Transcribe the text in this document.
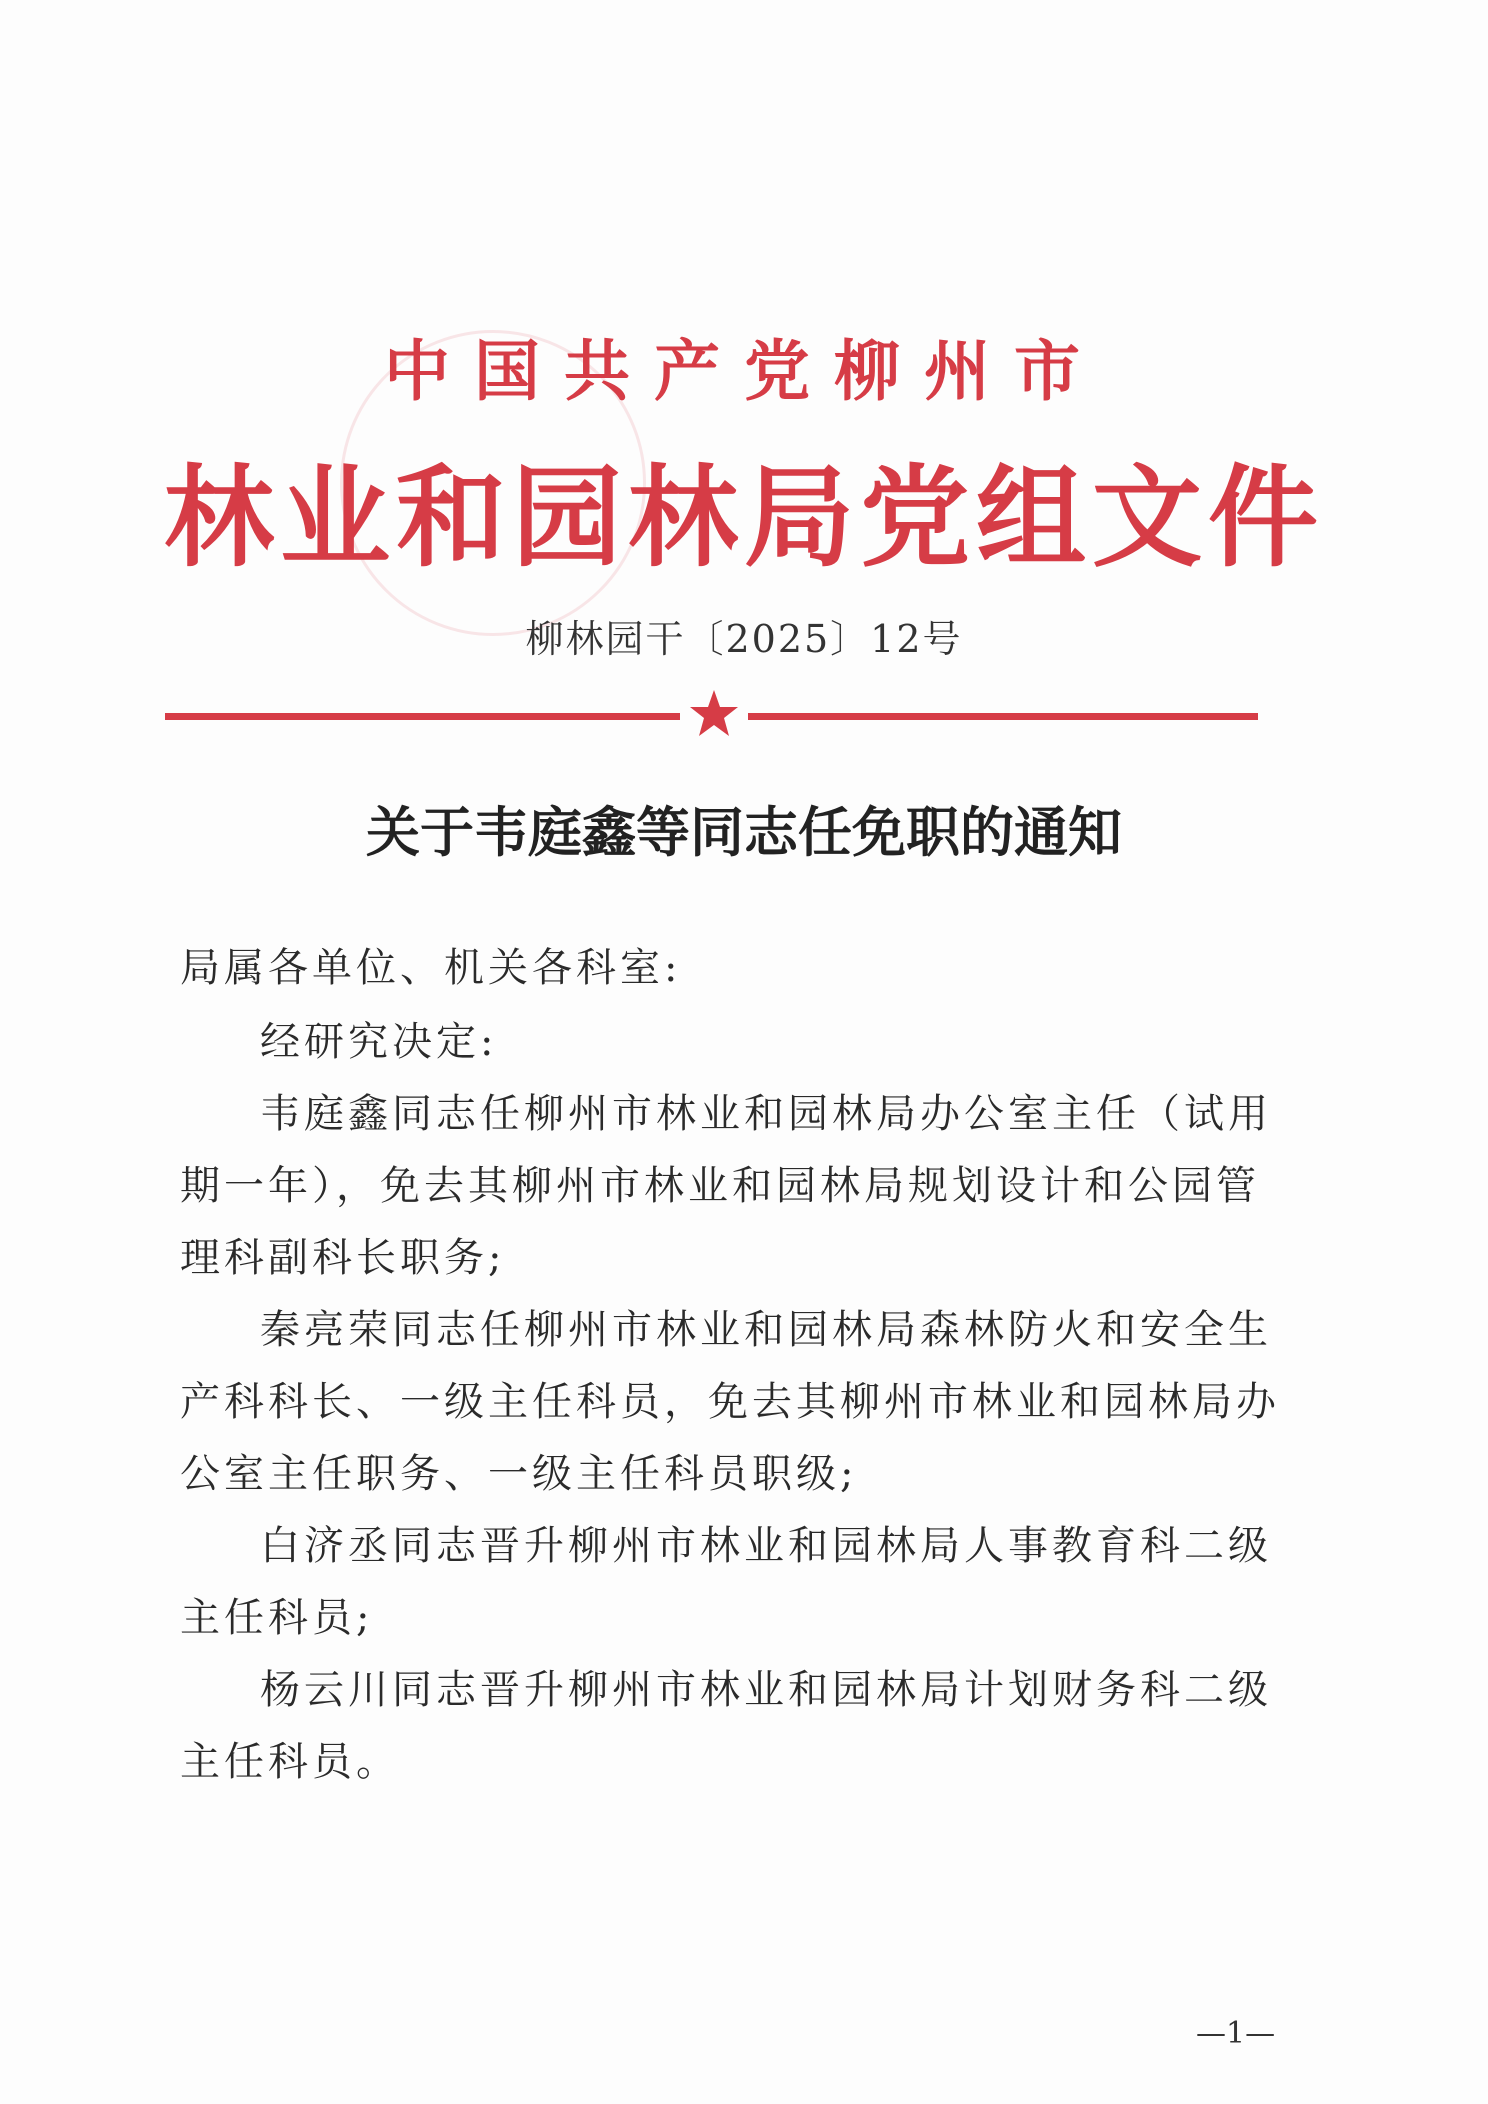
中国共产党柳州市
林业和园林局党组文件
柳林园干〔2025〕12号
关于韦庭鑫等同志任免职的通知

局属各单位、机关各科室:

经研究决定:

韦庭鑫同志任柳州市林业和园林局办公室主任（试用期一年），免去其柳州市林业和园林局规划设计和公园管理科副科长职务;

秦亮荣同志任柳州市林业和园林局森林防火和安全生产科科长、一级主任科员，免去其柳州市林业和园林局办公室主任职务、一级主任科员职级;

白济丞同志晋升柳州市林业和园林局人事教育科二级主任科员;

杨云川同志晋升柳州市林业和园林局计划财务科二级主任科员。

—1—
